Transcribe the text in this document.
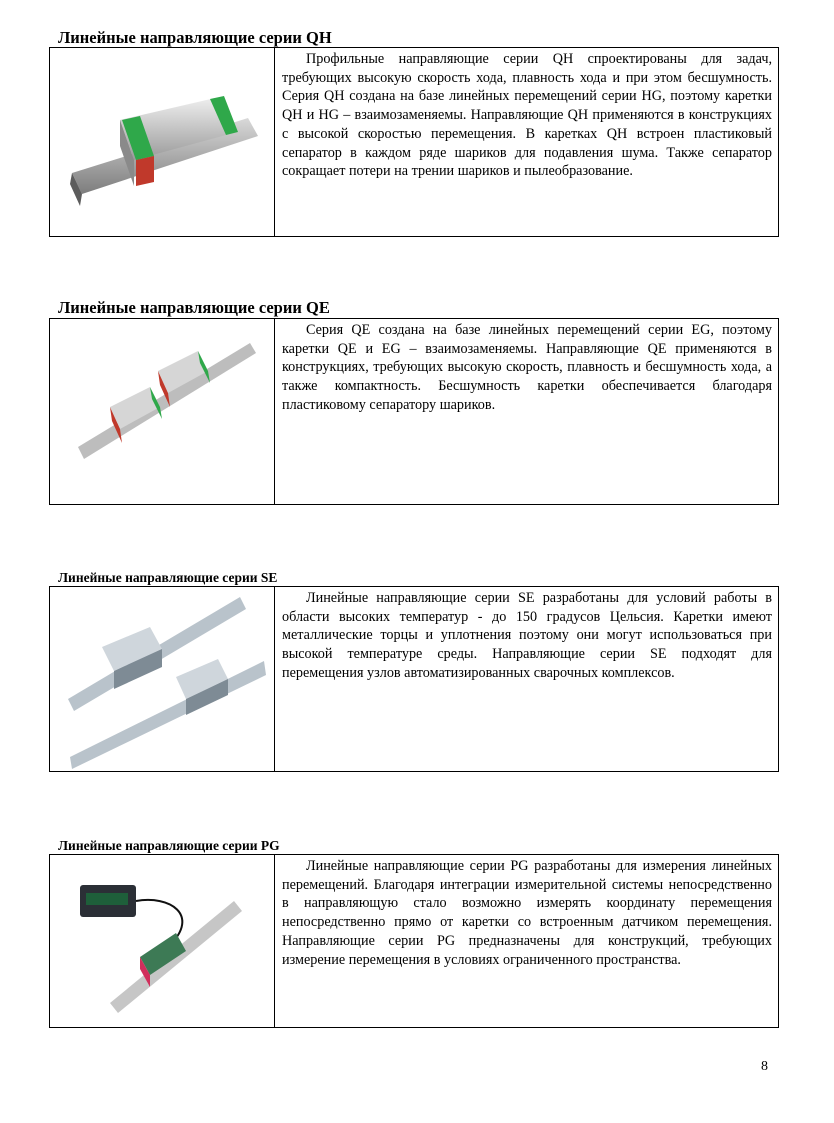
Линейные направляющие серии QH
Профильные направляющие серии QH спроектированы для задач, требующих высокую скорость хода, плавность хода и при этом бесшумность. Серия QH создана на базе линейных перемещений серии HG, поэтому каретки QH и HG – взаимозаменяемы. Направляющие QH применяются в конструкциях с высокой скоростью перемещения. В каретках QH встроен пластиковый сепаратор в каждом ряде шариков для подавления шума. Также сепаратор сокращает потери на трении шариков и пылеобразование.
Линейные направляющие серии QE
Серия QE создана на базе линейных перемещений серии EG, поэтому каретки QE и EG – взаимозаменяемы. Направляющие QE применяются в конструкциях, требующих высокую скорость, плавность и бесшумность хода, а также компактность. Бесшумность каретки обеспечивается благодаря пластиковому сепаратору шариков.
Линейные направляющие серии SE
Линейные направляющие серии SE разработаны для условий работы в области высоких температур - до 150 градусов Цельсия. Каретки имеют металлические торцы и уплотнения поэтому они могут использоваться при высокой температуре среды. Направляющие серии SE подходят для перемещения узлов автоматизированных сварочных комплексов.
Линейные направляющие серии PG
Линейные направляющие серии PG разработаны для измерения линейных перемещений. Благодаря интеграции измерительной системы непосредственно в направляющую стало возможно измерять координату перемещения непосредственно прямо от каретки со встроенным датчиком перемещения. Направляющие серии PG предназначены для конструкций, требующих измерение перемещения в условиях ограниченного пространства.
8
